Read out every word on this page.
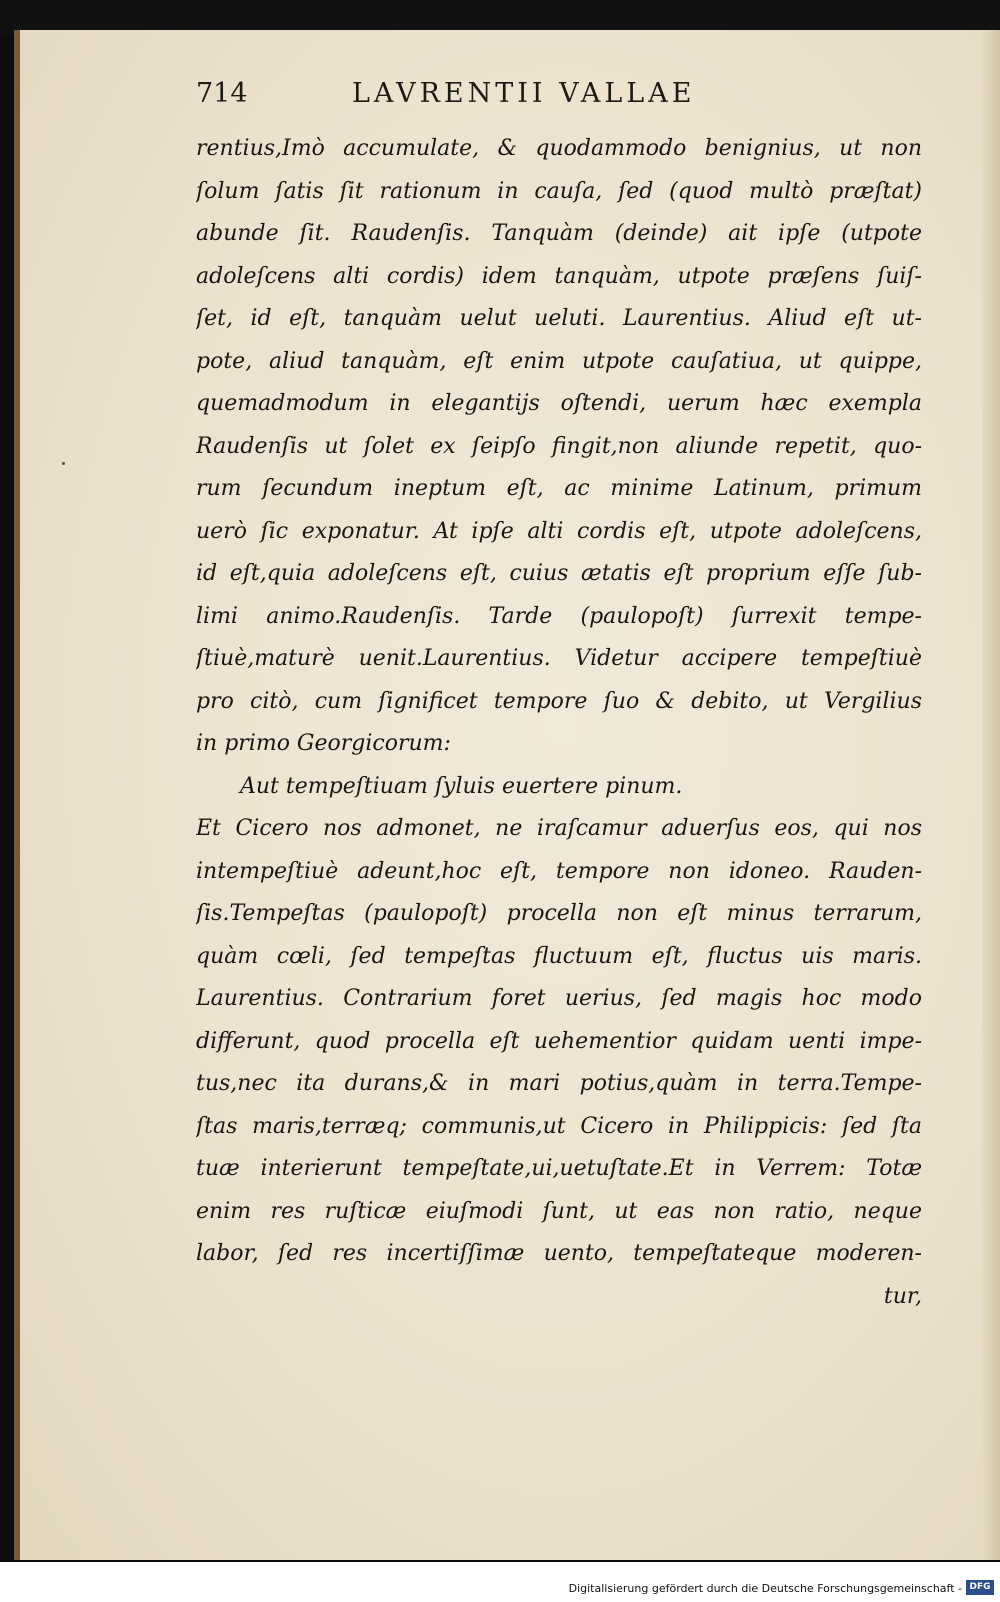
714	LAVRENTII VALLAE
rentius,Imò accumulate, & quodammodo benignius, ut non
ſolum ſatis ſit rationum in cauſa, ſed (quod multò præſtat)
abunde ſit. Raudenſis. Tanquàm (deinde) ait ipſe (utpote
adoleſcens alti cordis) idem tanquàm, utpote præſens ſuiſ-
ſet, id eſt, tanquàm uelut ueluti. Laurentius. Aliud eſt ut-
pote, aliud tanquàm, eſt enim utpote cauſatiua, ut quippe,
quemadmodum in elegantijs oſtendi, uerum hæc exempla
Raudenſis ut ſolet ex ſeipſo fingit,non aliunde repetit, quo-
rum ſecundum ineptum eſt, ac minime Latinum, primum
uerò ſic exponatur. At ipſe alti cordis eſt, utpote adoleſcens,
id eſt,quia adoleſcens eſt, cuius ætatis eſt proprium eſſe ſub-
limi animo.Raudenſis. Tarde (paulopoſt) ſurrexit tempe-
ſtiuè,maturè uenit.Laurentius. Videtur accipere tempeſtiuè
pro citò, cum ſignificet tempore ſuo & debito, ut Vergilius
in primo Georgicorum:
Aut tempeſtiuam ſyluis euertere pinum.
Et Cicero nos admonet, ne iraſcamur aduerſus eos, qui nos
intempeſtiuè adeunt,hoc eſt, tempore non idoneo. Rauden-
ſis.Tempeſtas (paulopoſt) procella non eſt minus terrarum,
quàm cœli, ſed tempeſtas fluctuum eſt, fluctus uis maris.
Laurentius. Contrarium foret uerius, ſed magis hoc modo
differunt, quod procella eſt uehementior quidam uenti impe-
tus,nec ita durans,& in mari potius,quàm in terra.Tempe-
ſtas maris,terræq; communis,ut Cicero in Philippicis: ſed ſta
tuæ interierunt tempeſtate,ui,uetuſtate.Et in Verrem: Totæ
enim res ruſticæ eiuſmodi ſunt, ut eas non ratio, neque
labor, ſed res incertiſſimæ uento, tempeſtateque moderen-
tur,
Digitalisierung gefördert durch die Deutsche Forschungsgemeinschaft - DFG
